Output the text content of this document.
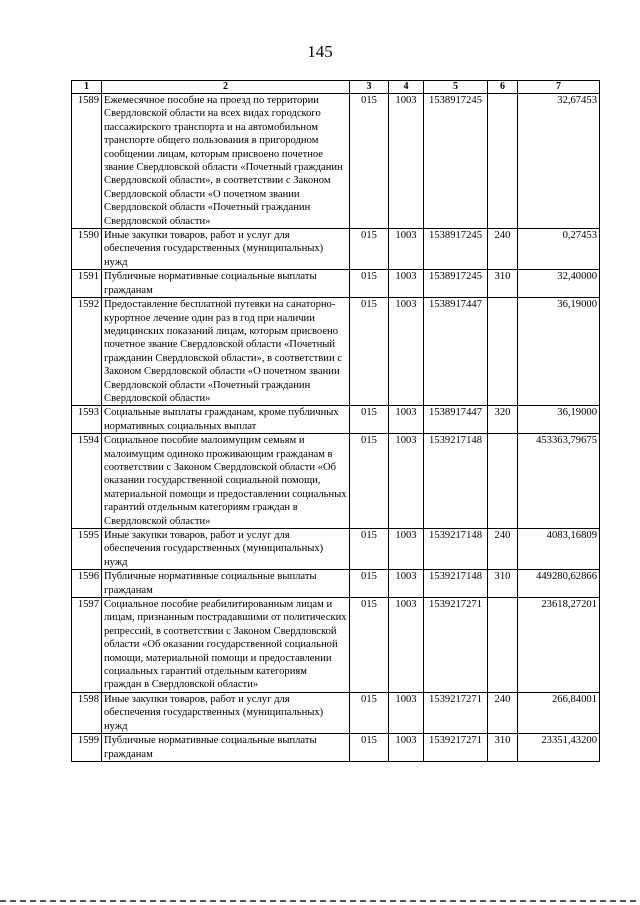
145
1	2	3	4	5	6	7
1589	Ежемесячное пособие на проезд по территории Свердловской области на всех видах городского пассажирского транспорта и на автомобильном транспорте общего пользования в пригородном сообщении лицам, которым присвоено почетное звание Свердловской области «Почетный гражданин Свердловской области», в соответствии с Законом Свердловской области «О почетном звании Свердловской области «Почетный гражданин Свердловской области»	015	1003	1538917245		32,67453
1590	Иные закупки товаров, работ и услуг для обеспечения государственных (муниципальных) нужд	015	1003	1538917245	240	0,27453
1591	Публичные нормативные социальные выплаты гражданам	015	1003	1538917245	310	32,40000
1592	Предоставление бесплатной путевки на санаторно-курортное лечение один раз в год при наличии медицинских показаний лицам, которым присвоено почетное звание Свердловской области «Почетный гражданин Свердловской области», в соответствии с Законом Свердловской области «О почетном звании Свердловской области «Почетный гражданин Свердловской области»	015	1003	1538917447		36,19000
1593	Социальные выплаты гражданам, кроме публичных нормативных социальных выплат	015	1003	1538917447	320	36,19000
1594	Социальное пособие малоимущим семьям и малоимущим одиноко проживающим гражданам в соответствии с Законом Свердловской области «Об оказании государственной социальной помощи, материальной помощи и предоставлении социальных гарантий отдельным категориям граждан в Свердловской области»	015	1003	1539217148		453363,79675
1595	Иные закупки товаров, работ и услуг для обеспечения государственных (муниципальных) нужд	015	1003	1539217148	240	4083,16809
1596	Публичные нормативные социальные выплаты гражданам	015	1003	1539217148	310	449280,62866
1597	Социальное пособие реабилитированным лицам и лицам, признанным пострадавшими от политических репрессий, в соответствии с Законом Свердловской области «Об оказании государственной социальной помощи, материальной помощи и предоставлении социальных гарантий отдельным категориям граждан в Свердловской области»	015	1003	1539217271		23618,27201
1598	Иные закупки товаров, работ и услуг для обеспечения государственных (муниципальных) нужд	015	1003	1539217271	240	266,84001
1599	Публичные нормативные социальные выплаты гражданам	015	1003	1539217271	310	23351,43200
